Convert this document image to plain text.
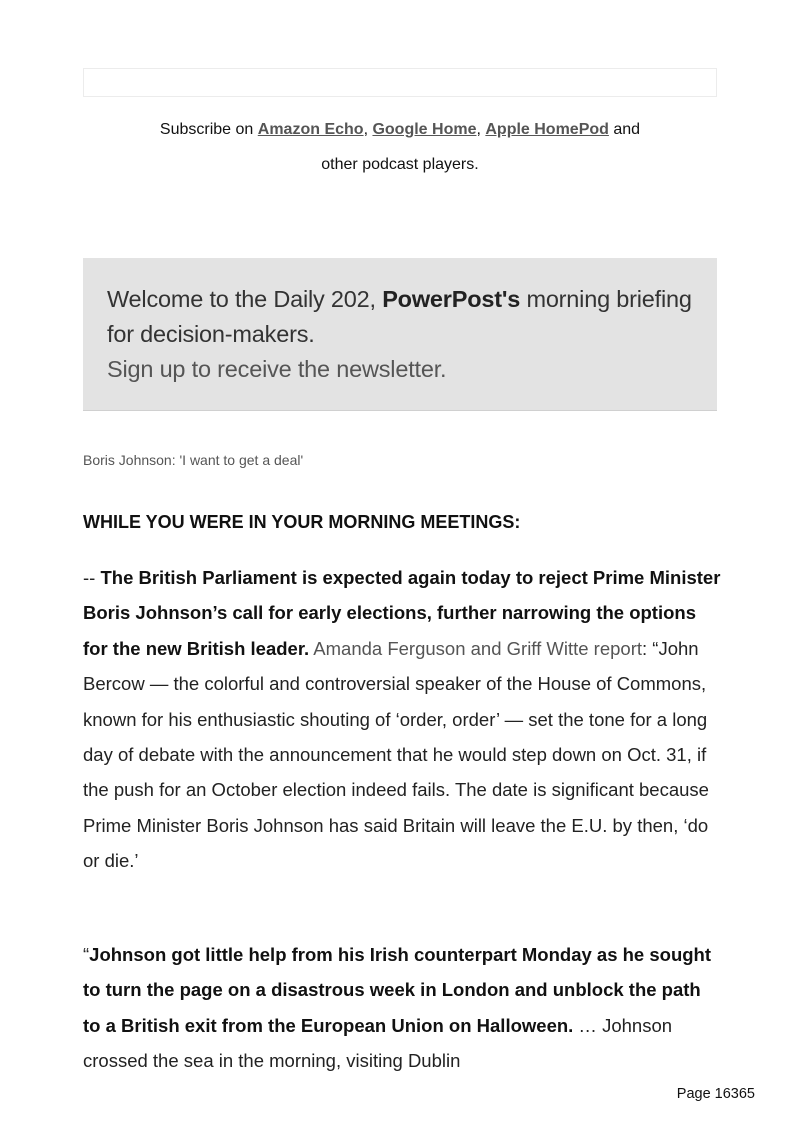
Subscribe on Amazon Echo, Google Home, Apple HomePod and
other podcast players.
Welcome to the Daily 202, PowerPost's morning briefing for decision-makers.
Sign up to receive the newsletter.
Boris Johnson: 'I want to get a deal'
WHILE YOU WERE IN YOUR MORNING MEETINGS:
-- The British Parliament is expected again today to reject Prime Minister Boris Johnson’s call for early elections, further narrowing the options for the new British leader. Amanda Ferguson and Griff Witte report: “John Bercow — the colorful and controversial speaker of the House of Commons, known for his enthusiastic shouting of ‘order, order’ — set the tone for a long day of debate with the announcement that he would step down on Oct. 31, if the push for an October election indeed fails. The date is significant because Prime Minister Boris Johnson has said Britain will leave the E.U. by then, ‘do or die.’
“Johnson got little help from his Irish counterpart Monday as he sought to turn the page on a disastrous week in London and unblock the path to a British exit from the European Union on Halloween. … Johnson crossed the sea in the morning, visiting Dublin
Page 16365
